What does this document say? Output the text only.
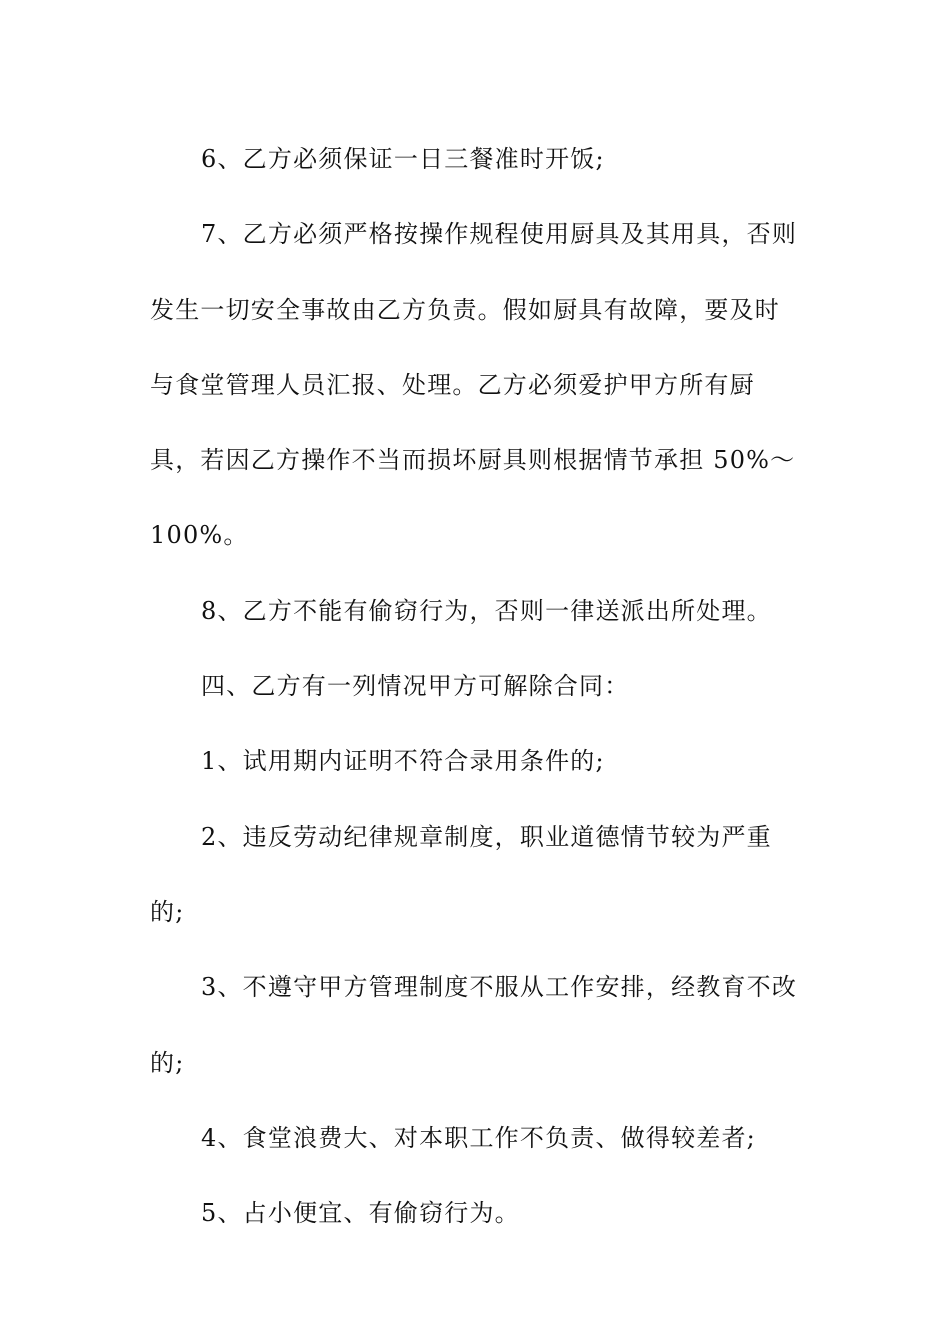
6、乙方必须保证一日三餐准时开饭;

7、乙方必须严格按操作规程使用厨具及其用具，否则
发生一切安全事故由乙方负责。假如厨具有故障，要及时
与食堂管理人员汇报、处理。乙方必须爱护甲方所有厨
具，若因乙方操作不当而损坏厨具则根据情节承担 50%～
100%。

8、乙方不能有偷窃行为，否则一律送派出所处理。

四、乙方有一列情况甲方可解除合同：

1、试用期内证明不符合录用条件的;

2、违反劳动纪律规章制度，职业道德情节较为严重
的;

3、不遵守甲方管理制度不服从工作安排，经教育不改
的;

4、食堂浪费大、对本职工作不负责、做得较差者;

5、占小便宜、有偷窃行为。
